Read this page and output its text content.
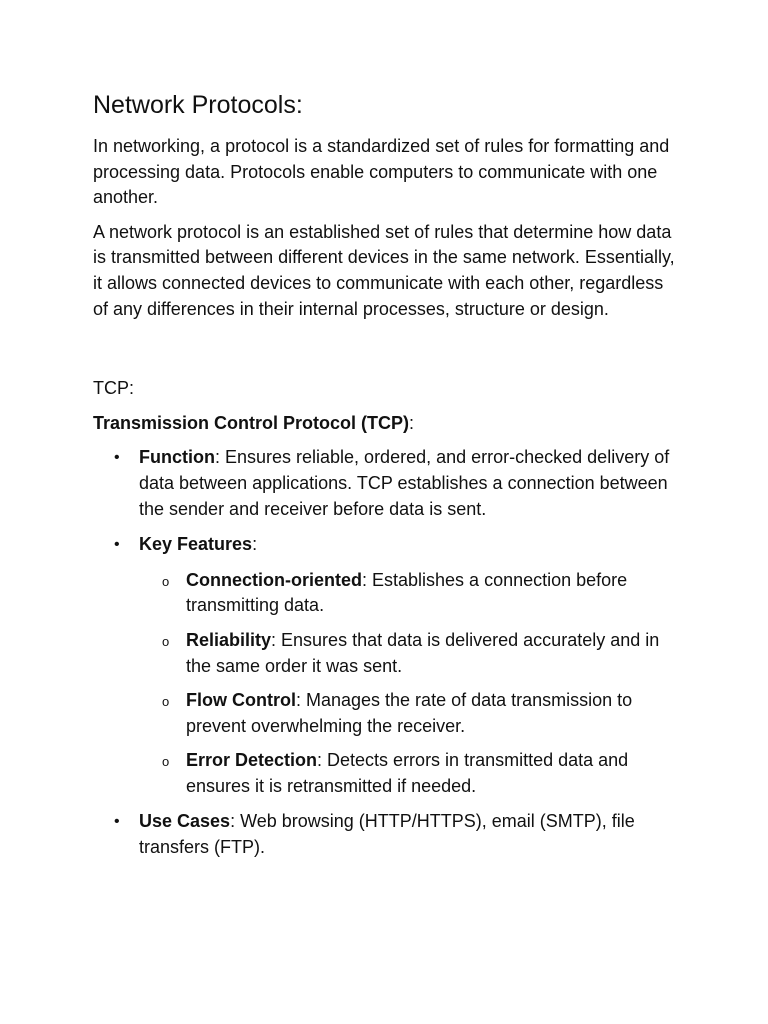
Network Protocols:

In networking, a protocol is a standardized set of rules for formatting and processing data. Protocols enable computers to communicate with one another.

A network protocol is an established set of rules that determine how data is transmitted between different devices in the same network. Essentially, it allows connected devices to communicate with each other, regardless of any differences in their internal processes, structure or design.

TCP:

Transmission Control Protocol (TCP):

• Function: Ensures reliable, ordered, and error-checked delivery of data between applications. TCP establishes a connection between the sender and receiver before data is sent.
• Key Features:
o Connection-oriented: Establishes a connection before transmitting data.
o Reliability: Ensures that data is delivered accurately and in the same order it was sent.
o Flow Control: Manages the rate of data transmission to prevent overwhelming the receiver.
o Error Detection: Detects errors in transmitted data and ensures it is retransmitted if needed.
• Use Cases: Web browsing (HTTP/HTTPS), email (SMTP), file transfers (FTP).
